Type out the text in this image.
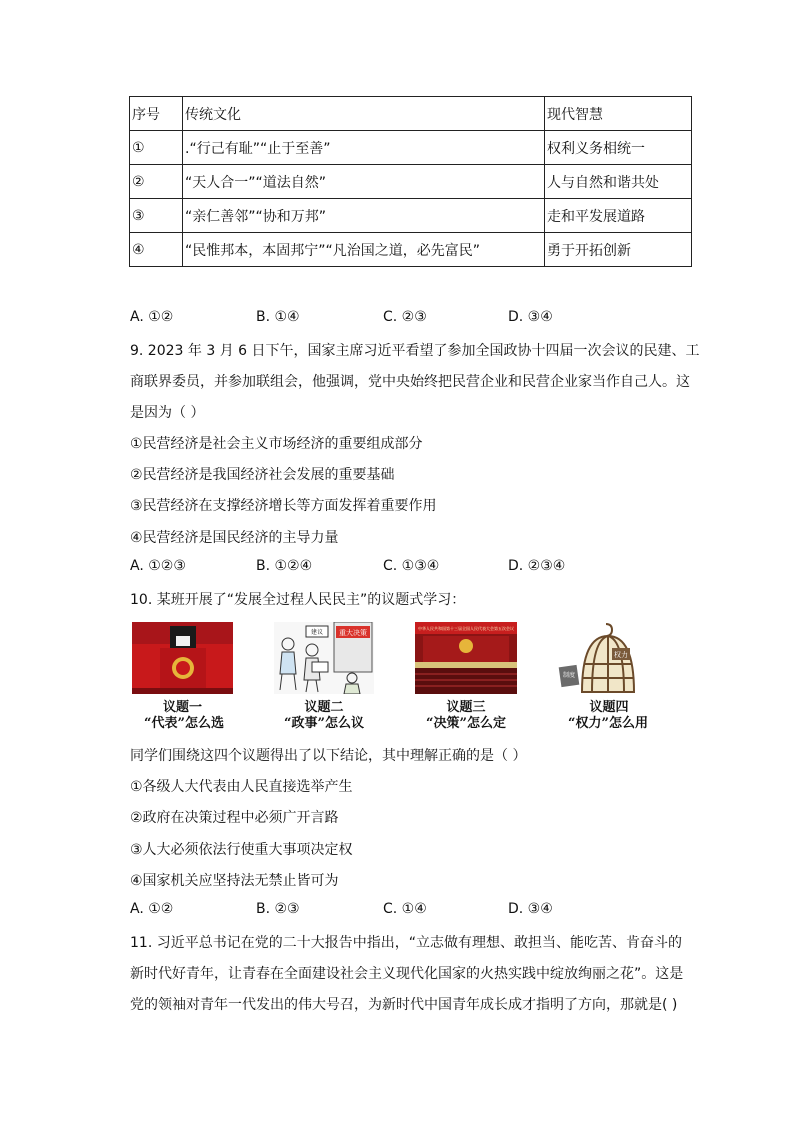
序号	传统文化	现代智慧
①	.“行己有耻”“止于至善”	权利义务相统一
②	“天人合一”“道法自然”	人与自然和谐共处
③	“亲仁善邻”“协和万邦”	走和平发展道路
④	“民惟邦本，本固邦宁”“凡治国之道，必先富民”	勇于开拓创新
A. ①②	B. ①④	C. ②③	D. ③④
9. 2023 年 3 月 6 日下午，国家主席习近平看望了参加全国政协十四届一次会议的民建、工
商联界委员，并参加联组会，他强调，党中央始终把民营企业和民营企业家当作自己人。这
是因为（ ）
①民营经济是社会主义市场经济的重要组成部分
②民营经济是我国经济社会发展的重要基础
③民营经济在支撑经济增长等方面发挥着重要作用
④民营经济是国民经济的主导力量
A. ①②③	B. ①②④	C. ①③④	D. ②③④
10. 某班开展了“发展全过程人民民主”的议题式学习：
重大决策
建议
中华人民共和国第十三届全国人民代表大会第五次会议
权力
制度
议题一
“代表”怎么选
议题二
“政事”怎么议
议题三
“决策”怎么定
议题四
“权力”怎么用
同学们围绕这四个议题得出了以下结论，其中理解正确的是（ ）
①各级人大代表由人民直接选举产生
②政府在决策过程中必须广开言路
③人大必须依法行使重大事项决定权
④国家机关应坚持法无禁止皆可为
A. ①②	B. ②③	C. ①④	D. ③④
11. 习近平总书记在党的二十大报告中指出，“立志做有理想、敢担当、能吃苦、肯奋斗的
新时代好青年，让青春在全面建设社会主义现代化国家的火热实践中绽放绚丽之花”。这是
党的领袖对青年一代发出的伟大号召，为新时代中国青年成长成才指明了方向，那就是( )
